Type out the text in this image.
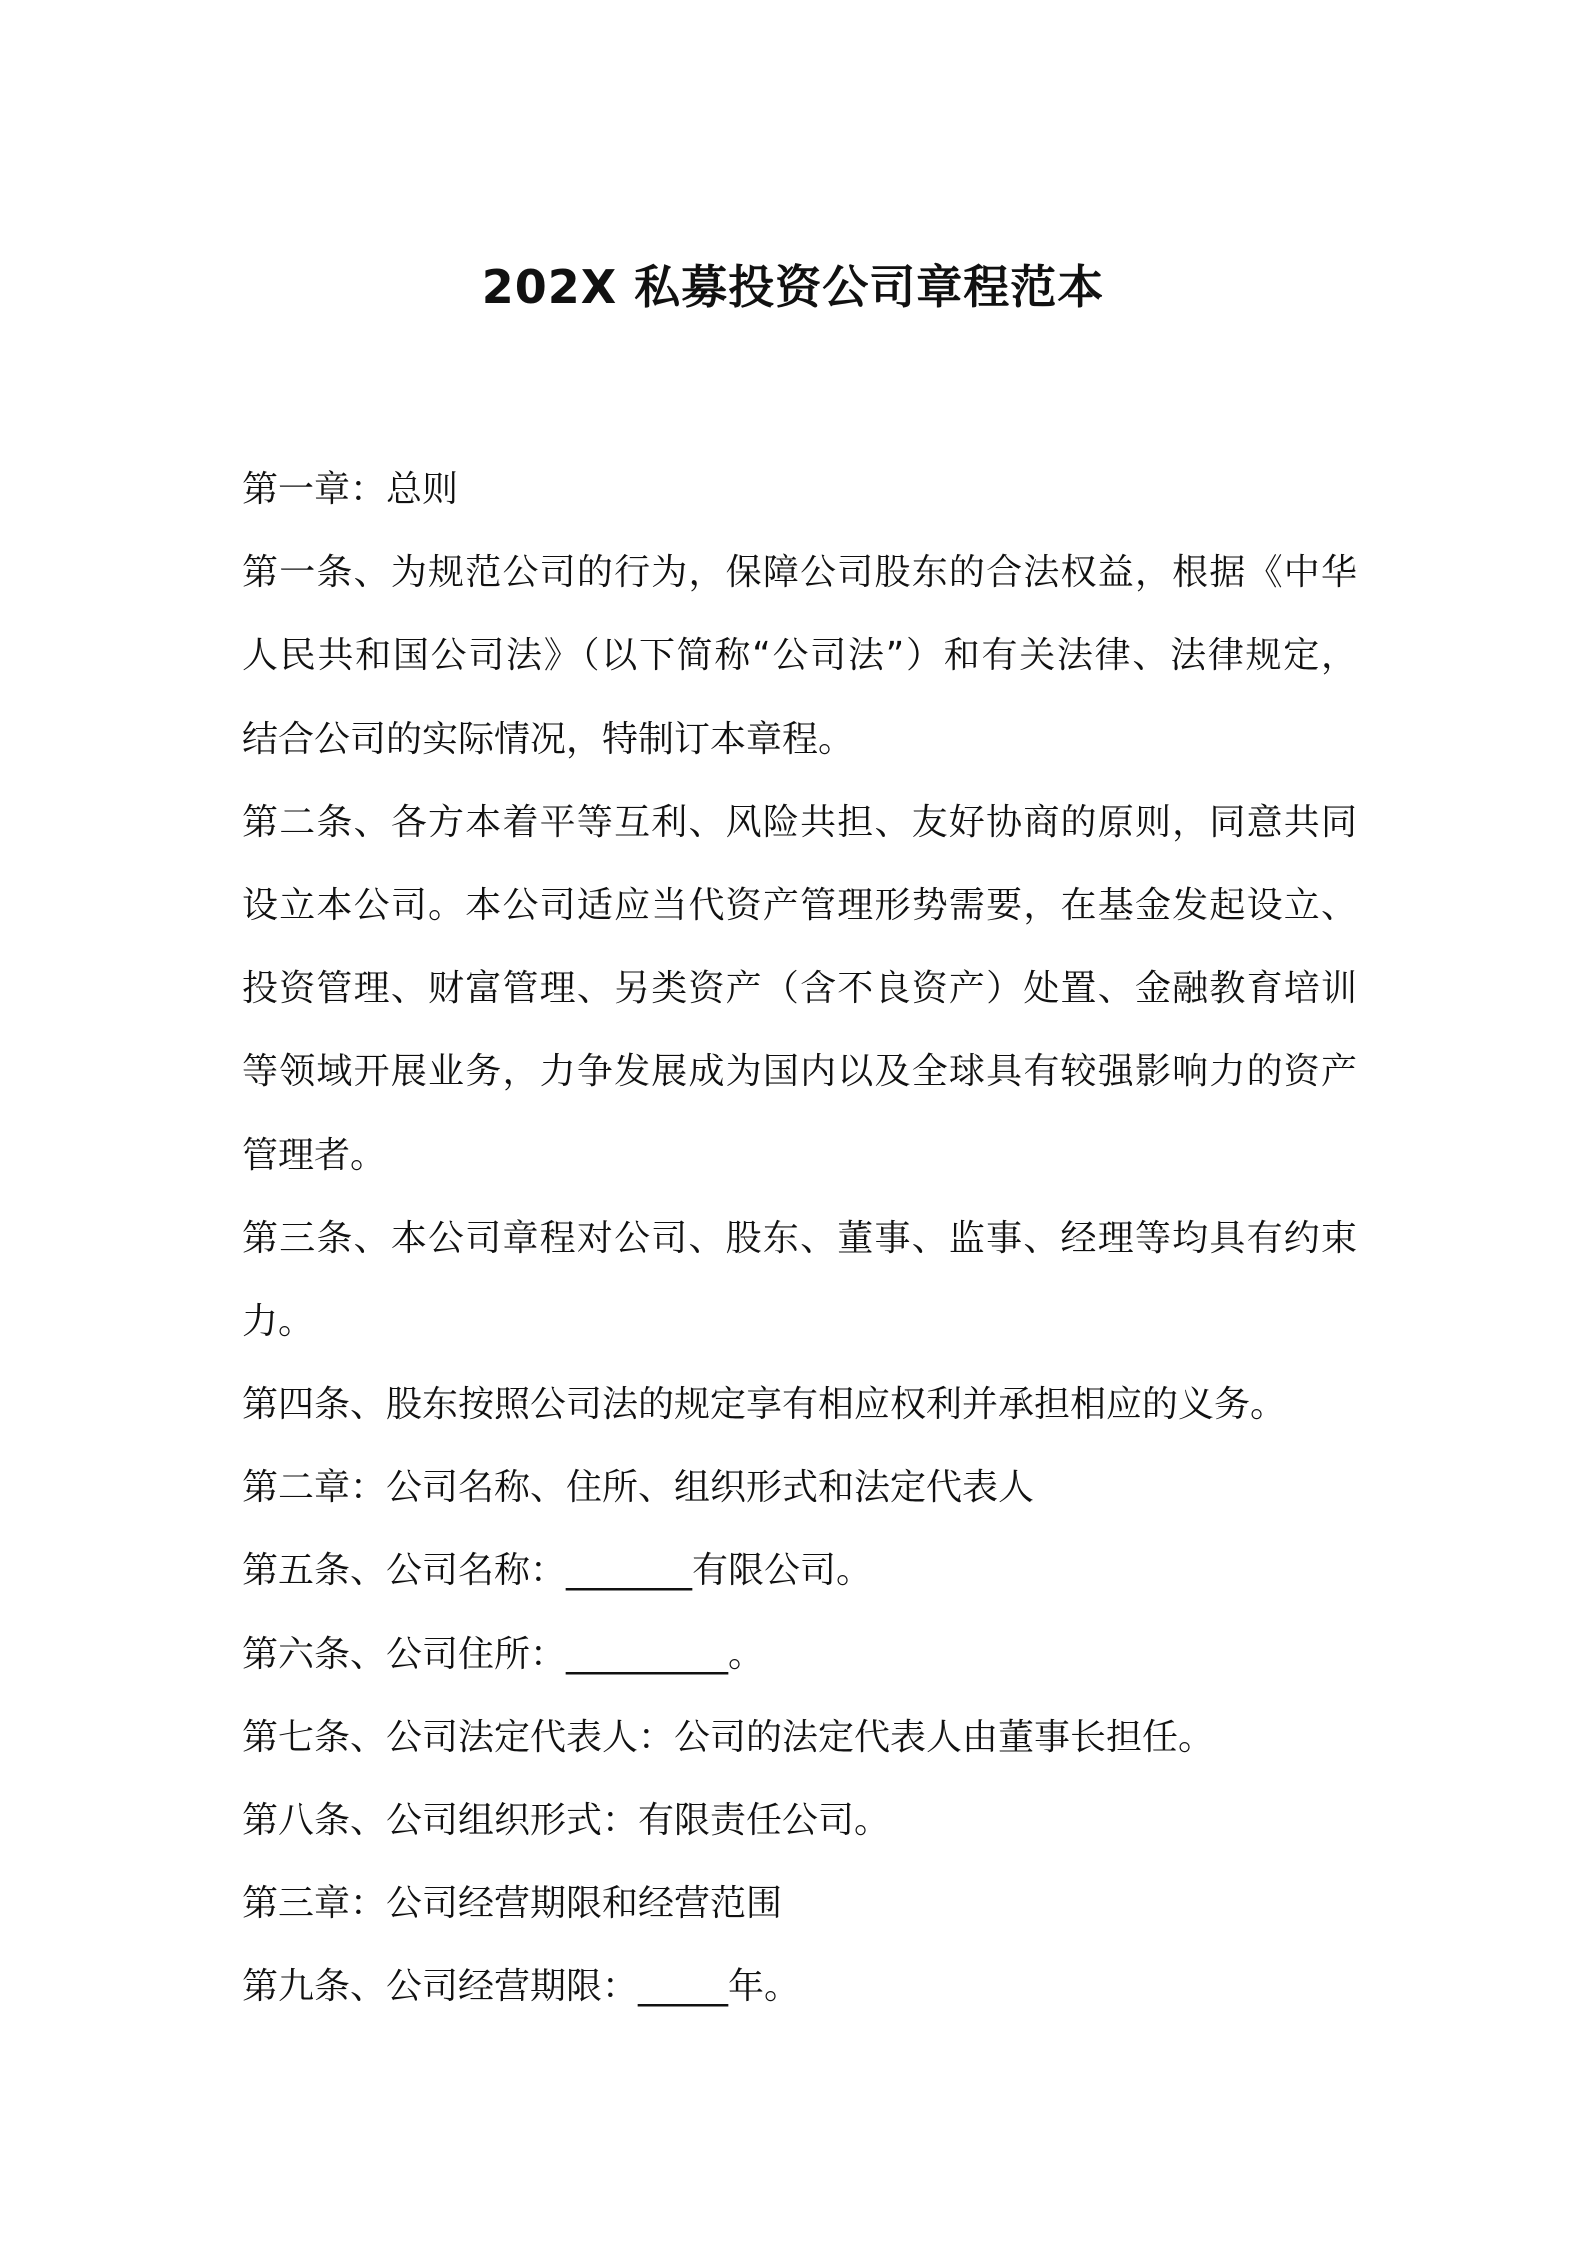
202X 私募投资公司章程范本
第一章：总则
第一条、为规范公司的行为，保障公司股东的合法权益，根据《中华
人民共和国公司法》（以下简称“公司法”）和有关法律、法律规定，
结合公司的实际情况，特制订本章程。
第二条、各方本着平等互利、风险共担、友好协商的原则，同意共同
设立本公司。本公司适应当代资产管理形势需要，在基金发起设立、
投资管理、财富管理、另类资产（含不良资产）处置、金融教育培训
等领域开展业务，力争发展成为国内以及全球具有较强影响力的资产
管理者。
第三条、本公司章程对公司、股东、董事、监事、经理等均具有约束
力。
第四条、股东按照公司法的规定享有相应权利并承担相应的义务。
第二章：公司名称、住所、组织形式和法定代表人
第五条、公司名称：_______有限公司。
第六条、公司住所：_________。
第七条、公司法定代表人：公司的法定代表人由董事长担任。
第八条、公司组织形式：有限责任公司。
第三章：公司经营期限和经营范围
第九条、公司经营期限：_____年。
